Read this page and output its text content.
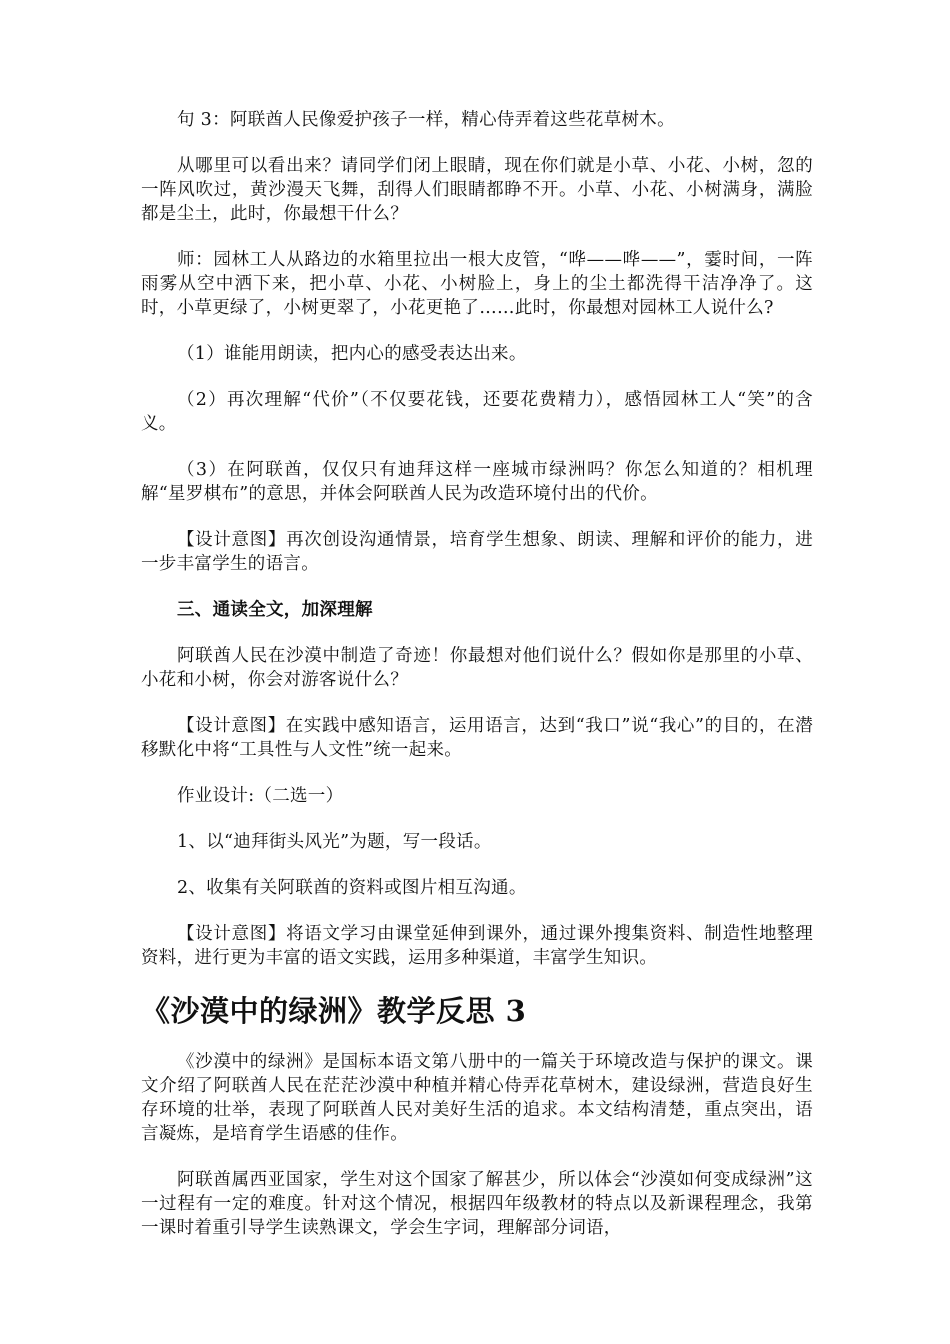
句 3：阿联酋人民像爱护孩子一样，精心侍弄着这些花草树木。

从哪里可以看出来？请同学们闭上眼睛，现在你们就是小草、小花、小树，忽的一阵风吹过，黄沙漫天飞舞，刮得人们眼睛都睁不开。小草、小花、小树满身，满脸都是尘土，此时，你最想干什么？

师：园林工人从路边的水箱里拉出一根大皮管，“哗——哗——”，霎时间，一阵雨雾从空中洒下来，把小草、小花、小树脸上，身上的尘土都洗得干洁净净了。这时，小草更绿了，小树更翠了，小花更艳了……此时，你最想对园林工人说什么?

（1）谁能用朗读，把内心的感受表达出来。

（2）再次理解“代价”（不仅要花钱，还要花费精力），感悟园林工人“笑”的含义。

（3）在阿联酋，仅仅只有迪拜这样一座城市绿洲吗？你怎么知道的？相机理解“星罗棋布”的意思，并体会阿联酋人民为改造环境付出的代价。

【设计意图】再次创设沟通情景，培育学生想象、朗读、理解和评价的能力，进一步丰富学生的语言。

三、通读全文，加深理解

阿联酋人民在沙漠中制造了奇迹！你最想对他们说什么？假如你是那里的小草、小花和小树，你会对游客说什么？

【设计意图】在实践中感知语言，运用语言，达到“我口”说“我心”的目的，在潜移默化中将“工具性与人文性”统一起来。

作业设计:（二选一）

1、以“迪拜街头风光”为题，写一段话。

2、收集有关阿联酋的资料或图片相互沟通。

【设计意图】将语文学习由课堂延伸到课外，通过课外搜集资料、制造性地整理资料，进行更为丰富的语文实践，运用多种渠道，丰富学生知识。

《沙漠中的绿洲》教学反思 3

《沙漠中的绿洲》是国标本语文第八册中的一篇关于环境改造与保护的课文。课文介绍了阿联酋人民在茫茫沙漠中种植并精心侍弄花草树木，建设绿洲，营造良好生存环境的壮举，表现了阿联酋人民对美好生活的追求。本文结构清楚，重点突出，语言凝炼，是培育学生语感的佳作。

阿联酋属西亚国家，学生对这个国家了解甚少，所以体会“沙漠如何变成绿洲”这一过程有一定的难度。针对这个情况，根据四年级教材的特点以及新课程理念，我第一课时着重引导学生读熟课文，学会生字词，理解部分词语，
